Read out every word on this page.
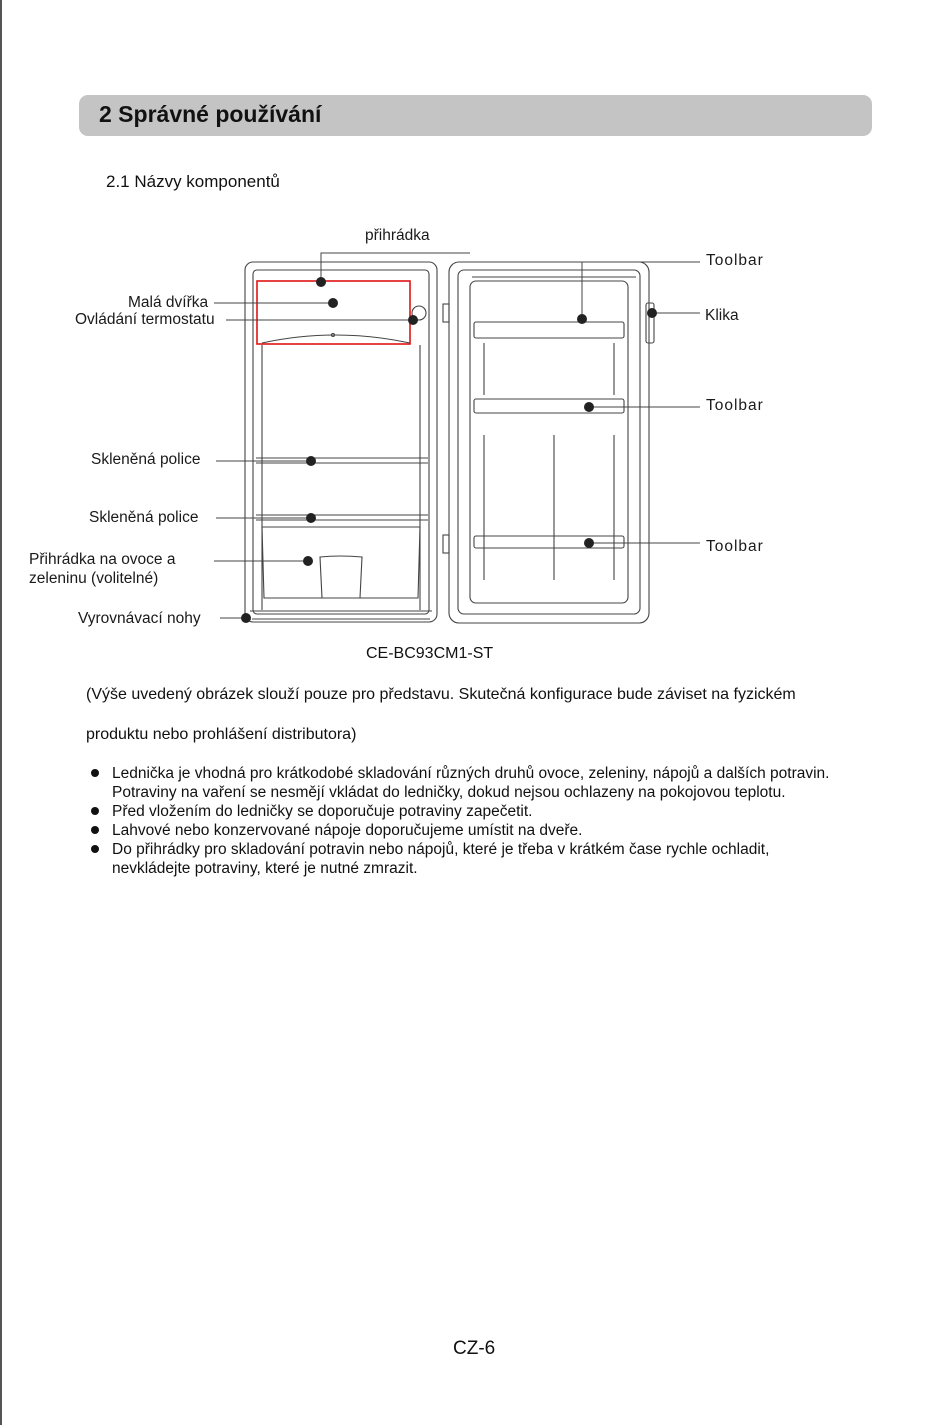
2 Správné používání
2.1 Názvy komponentů
přihrádka
Malá dvířka
Ovládání termostatu
Skleněná police
Skleněná police
Přihrádka na ovoce a
zeleninu (volitelné)
Vyrovnávací nohy
Toolbar
Klika
Toolbar
Toolbar
CE-BC93CM1-ST
(Výše uvedený obrázek slouží pouze pro představu. Skutečná konfigurace bude záviset na fyzickém
produktu nebo prohlášení distributora)
Lednička je vhodná pro krátkodobé skladování různých druhů ovoce, zeleniny, nápojů a dalších potravin. Potraviny na vaření se nesmějí vkládat do ledničky, dokud nejsou ochlazeny na pokojovou teplotu.
Před vložením do ledničky se doporučuje potraviny zapečetit.
Lahvové nebo konzervované nápoje doporučujeme umístit na dveře.
Do přihrádky pro skladování potravin nebo nápojů, které je třeba v krátkém čase rychle ochladit, nevkládejte potraviny, které je nutné zmrazit.
CZ-6
